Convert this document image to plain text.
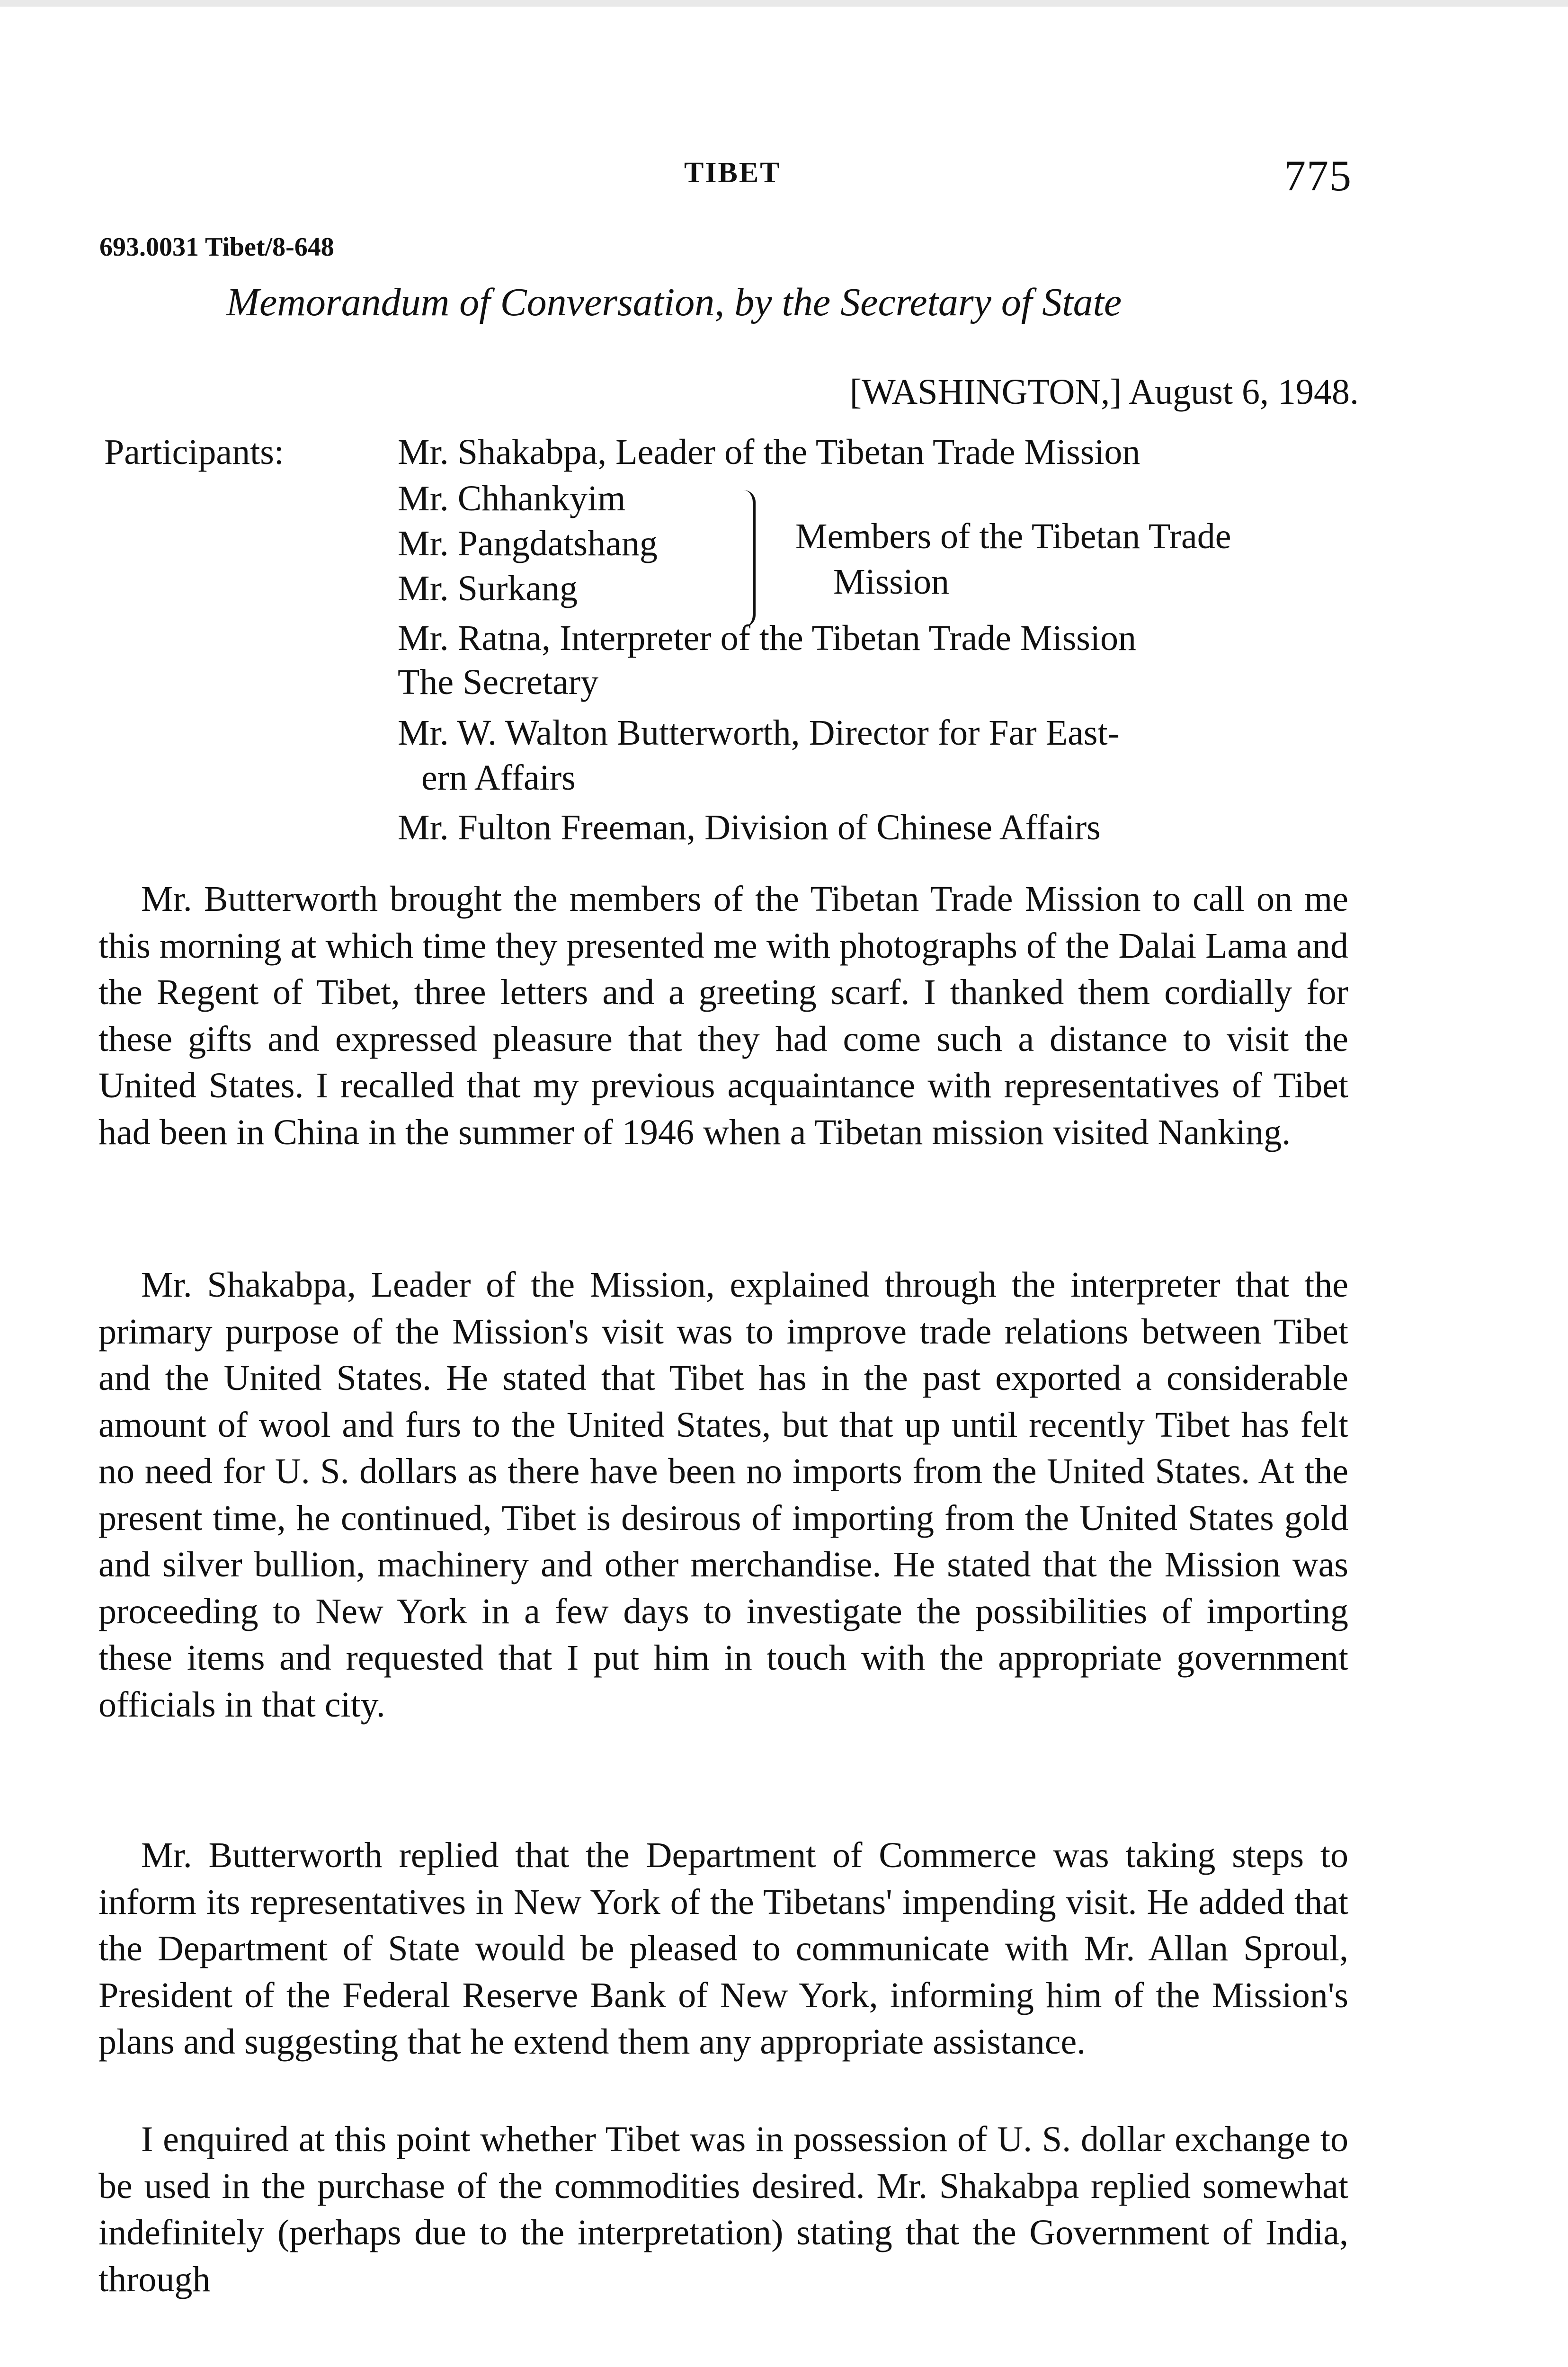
TIBET	775
693.0031 Tibet/8-648
Memorandum of Conversation, by the Secretary of State
[WASHINGTON,] August 6, 1948.
Participants:	Mr. Shakabpa, Leader of the Tibetan Trade Mission
Mr. Chhankyim
Mr. Pangdatshang
Mr. Surkang
Members of the Tibetan Trade
Mission
Mr. Ratna, Interpreter of the Tibetan Trade Mission
The Secretary
Mr. W. Walton Butterworth, Director for Far East-
ern Affairs
Mr. Fulton Freeman, Division of Chinese Affairs

Mr. Butterworth brought the members of the Tibetan Trade Mission to call on me this morning at which time they presented me with photographs of the Dalai Lama and the Regent of Tibet, three letters and a greeting scarf. I thanked them cordially for these gifts and expressed pleasure that they had come such a distance to visit the United States. I recalled that my previous acquaintance with representatives of Tibet had been in China in the summer of 1946 when a Tibetan mission visited Nanking.

Mr. Shakabpa, Leader of the Mission, explained through the interpreter that the primary purpose of the Mission's visit was to improve trade relations between Tibet and the United States. He stated that Tibet has in the past exported a considerable amount of wool and furs to the United States, but that up until recently Tibet has felt no need for U. S. dollars as there have been no imports from the United States. At the present time, he continued, Tibet is desirous of importing from the United States gold and silver bullion, machinery and other merchandise. He stated that the Mission was proceeding to New York in a few days to investigate the possibilities of importing these items and requested that I put him in touch with the appropriate government officials in that city.

Mr. Butterworth replied that the Department of Commerce was taking steps to inform its representatives in New York of the Tibetans' impending visit. He added that the Department of State would be pleased to communicate with Mr. Allan Sproul, President of the Federal Reserve Bank of New York, informing him of the Mission's plans and suggesting that he extend them any appropriate assistance.

I enquired at this point whether Tibet was in possession of U. S. dollar exchange to be used in the purchase of the commodities desired. Mr. Shakabpa replied somewhat indefinitely (perhaps due to the interpretation) stating that the Government of India, through
